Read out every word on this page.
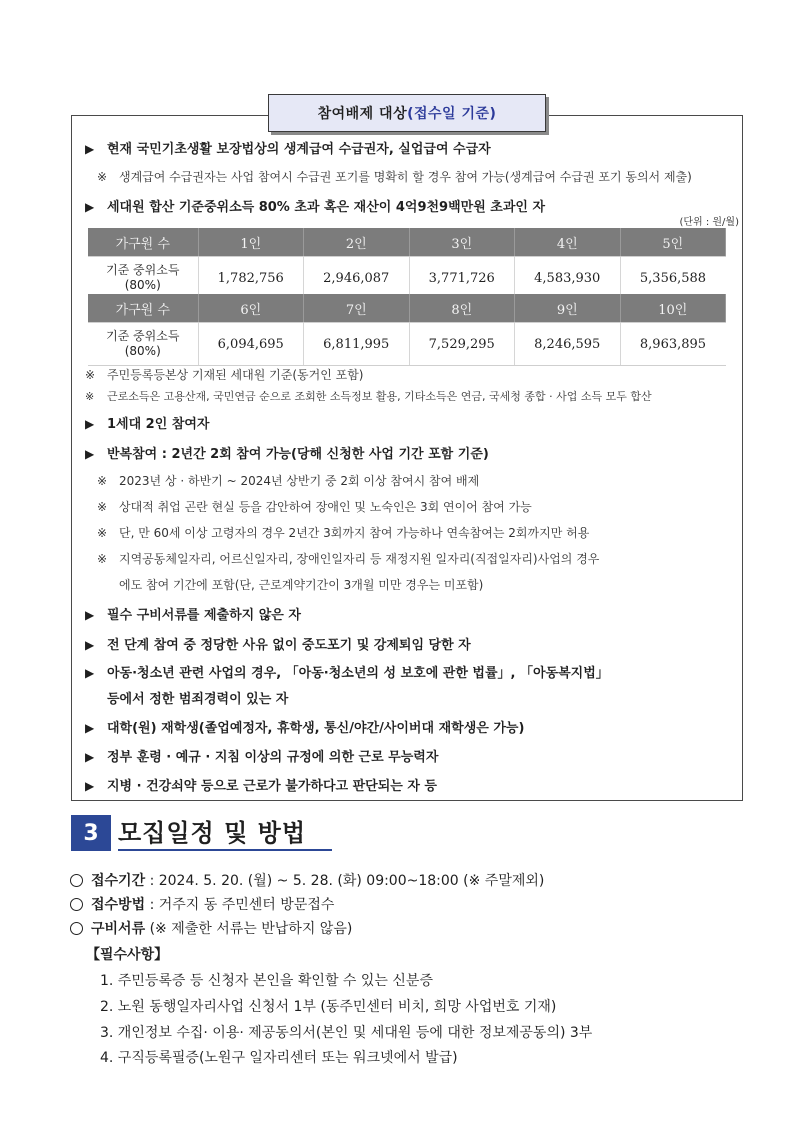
참여배제 대상 (접수일 기준)
▶ 현재 국민기초생활 보장법상의 생계급여 수급권자, 실업급여 수급자
※ 생계급여 수급권자는 사업 참여시 수급권 포기를 명확히 할 경우 참여 가능(생계급여 수급권 포기 동의서 제출)
▶ 세대원 합산 기준중위소득 80% 초과 혹은 재산이 4억9천9백만원 초과인 자
(단위 : 원/월)
가구원 수	1인	2인	3인	4인	5인
기준 중위소득
(80%)	1,782,756	2,946,087	3,771,726	4,583,930	5,356,588
가구원 수	6인	7인	8인	9인	10인
기준 중위소득
(80%)	6,094,695	6,811,995	7,529,295	8,246,595	8,963,895
※ 주민등록등본상 기재된 세대원 기준(동거인 포함)
※ 근로소득은 고용산재, 국민연금 순으로 조회한 소득정보 활용, 기타소득은 연금, 국세청 종합 · 사업 소득 모두 합산
▶ 1세대 2인 참여자
▶ 반복참여 : 2년간 2회 참여 가능(당해 신청한 사업 기간 포함 기준)
※ 2023년 상 · 하반기 ~ 2024년 상반기 중 2회 이상 참여시 참여 배제
※ 상대적 취업 곤란 현실 등을 감안하여 장애인 및 노숙인은 3회 연이어 참여 가능
※ 단, 만 60세 이상 고령자의 경우 2년간 3회까지 참여 가능하나 연속참여는 2회까지만 허용
※ 지역공동체일자리, 어르신일자리, 장애인일자리 등 재정지원 일자리(직접일자리)사업의 경우
에도 참여 기간에 포함(단, 근로계약기간이 3개월 미만 경우는 미포함)
▶ 필수 구비서류를 제출하지 않은 자
▶ 전 단계 참여 중 정당한 사유 없이 중도포기 및 강제퇴임 당한 자
▶ 아동·청소년 관련 사업의 경우, 「아동·청소년의 성 보호에 관한 법률」, 「아동복지법」
등에서 정한 범죄경력이 있는 자
▶ 대학(원) 재학생(졸업예정자, 휴학생, 통신/야간/사이버대 재학생은 가능)
▶ 정부 훈령 · 예규 · 지침 이상의 규정에 의한 근로 무능력자
▶ 지병 · 건강쇠약 등으로 근로가 불가하다고 판단되는 자 등
3 모집일정 및 방법
접수기간 : 2024. 5. 20. (월) ~ 5. 28. (화) 09:00~18:00 (※ 주말제외)
접수방법 : 거주지 동 주민센터 방문접수
구비서류 (※ 제출한 서류는 반납하지 않음)
【필수사항】
1. 주민등록증 등 신청자 본인을 확인할 수 있는 신분증
2. 노원 동행일자리사업 신청서 1부 (동주민센터 비치, 희망 사업번호 기재)
3. 개인정보 수집· 이용· 제공동의서(본인 및 세대원 등에 대한 정보제공동의) 3부
4. 구직등록필증(노원구 일자리센터 또는 워크넷에서 발급)
